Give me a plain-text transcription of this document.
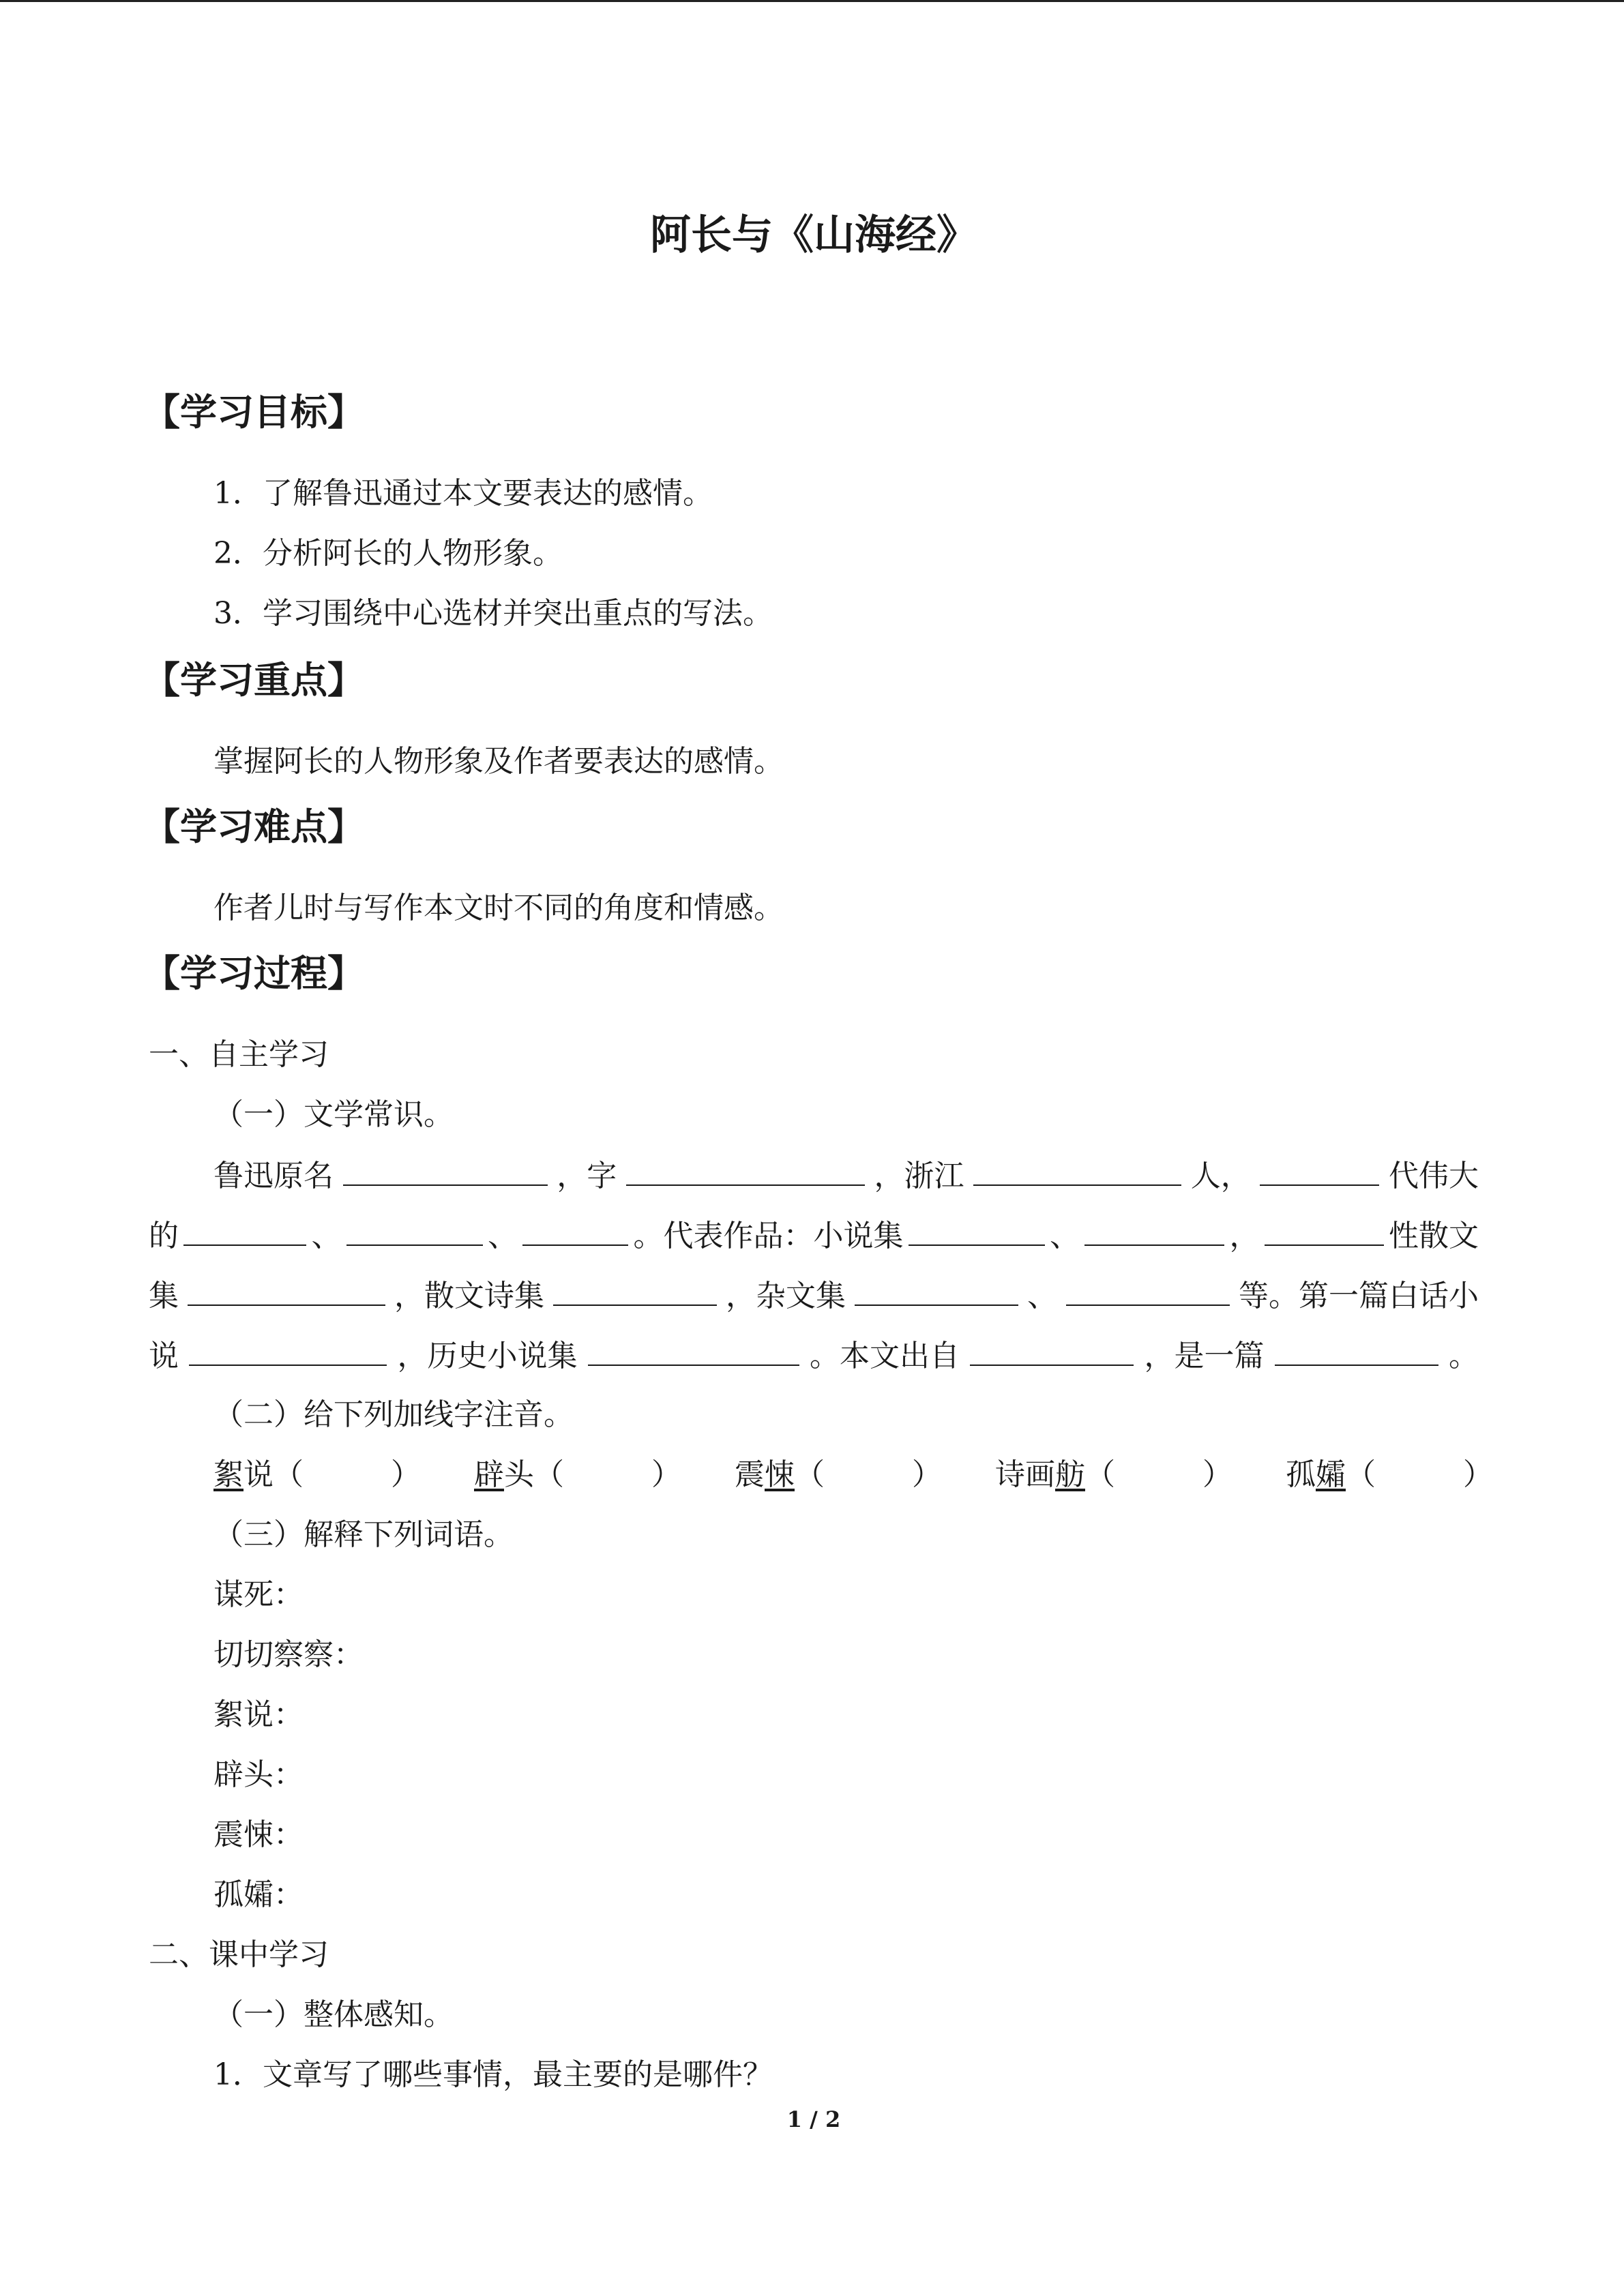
阿长与《山海经》
【学习目标】
1．了解鲁迅通过本文要表达的感情。
2．分析阿长的人物形象。
3．学习围绕中心选材并突出重点的写法。
【学习重点】
掌握阿长的人物形象及作者要表达的感情。
【学习难点】
作者儿时与写作本文时不同的角度和情感。
【学习过程】
一、自主学习
（一）文学常识。
鲁迅原名	，字	，浙江	人，	代伟大
的	、	、	。代表作品：小说集	、	，	性散文
集	，散文诗集	，杂文集	、	等。第一篇白话小
说	，历史小说集	。本文出自	，是一篇	。
（二）给下列加线字注音。
絮说（	） 辟头（	） 震悚（	） 诗画舫（	） 孤孀（	）
（三）解释下列词语。
谋死：
切切察察：
絮说：
辟头：
震悚：
孤孀：
二、课中学习
（一）整体感知。
1．文章写了哪些事情，最主要的是哪件？
1 / 2
